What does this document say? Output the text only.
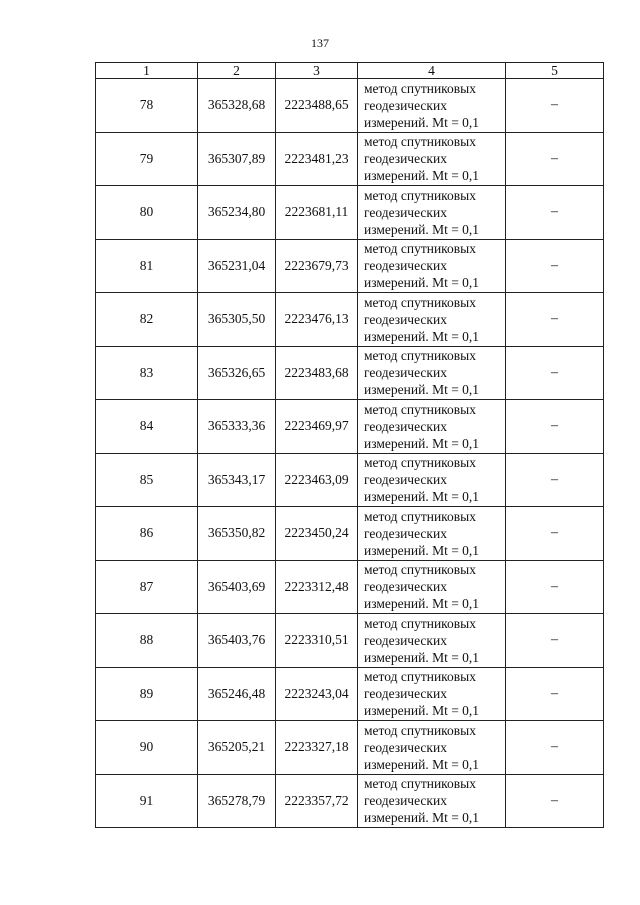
137
1	2	3	4	5
78	365328,68	2223488,65	метод спутниковых
геодезических
измерений. Mt = 0,1	–
79	365307,89	2223481,23	метод спутниковых
геодезических
измерений. Mt = 0,1	–
80	365234,80	2223681,11	метод спутниковых
геодезических
измерений. Mt = 0,1	–
81	365231,04	2223679,73	метод спутниковых
геодезических
измерений. Mt = 0,1	–
82	365305,50	2223476,13	метод спутниковых
геодезических
измерений. Mt = 0,1	–
83	365326,65	2223483,68	метод спутниковых
геодезических
измерений. Mt = 0,1	–
84	365333,36	2223469,97	метод спутниковых
геодезических
измерений. Mt = 0,1	–
85	365343,17	2223463,09	метод спутниковых
геодезических
измерений. Mt = 0,1	–
86	365350,82	2223450,24	метод спутниковых
геодезических
измерений. Mt = 0,1	–
87	365403,69	2223312,48	метод спутниковых
геодезических
измерений. Mt = 0,1	–
88	365403,76	2223310,51	метод спутниковых
геодезических
измерений. Mt = 0,1	–
89	365246,48	2223243,04	метод спутниковых
геодезических
измерений. Mt = 0,1	–
90	365205,21	2223327,18	метод спутниковых
геодезических
измерений. Mt = 0,1	–
91	365278,79	2223357,72	метод спутниковых
геодезических
измерений. Mt = 0,1	–
